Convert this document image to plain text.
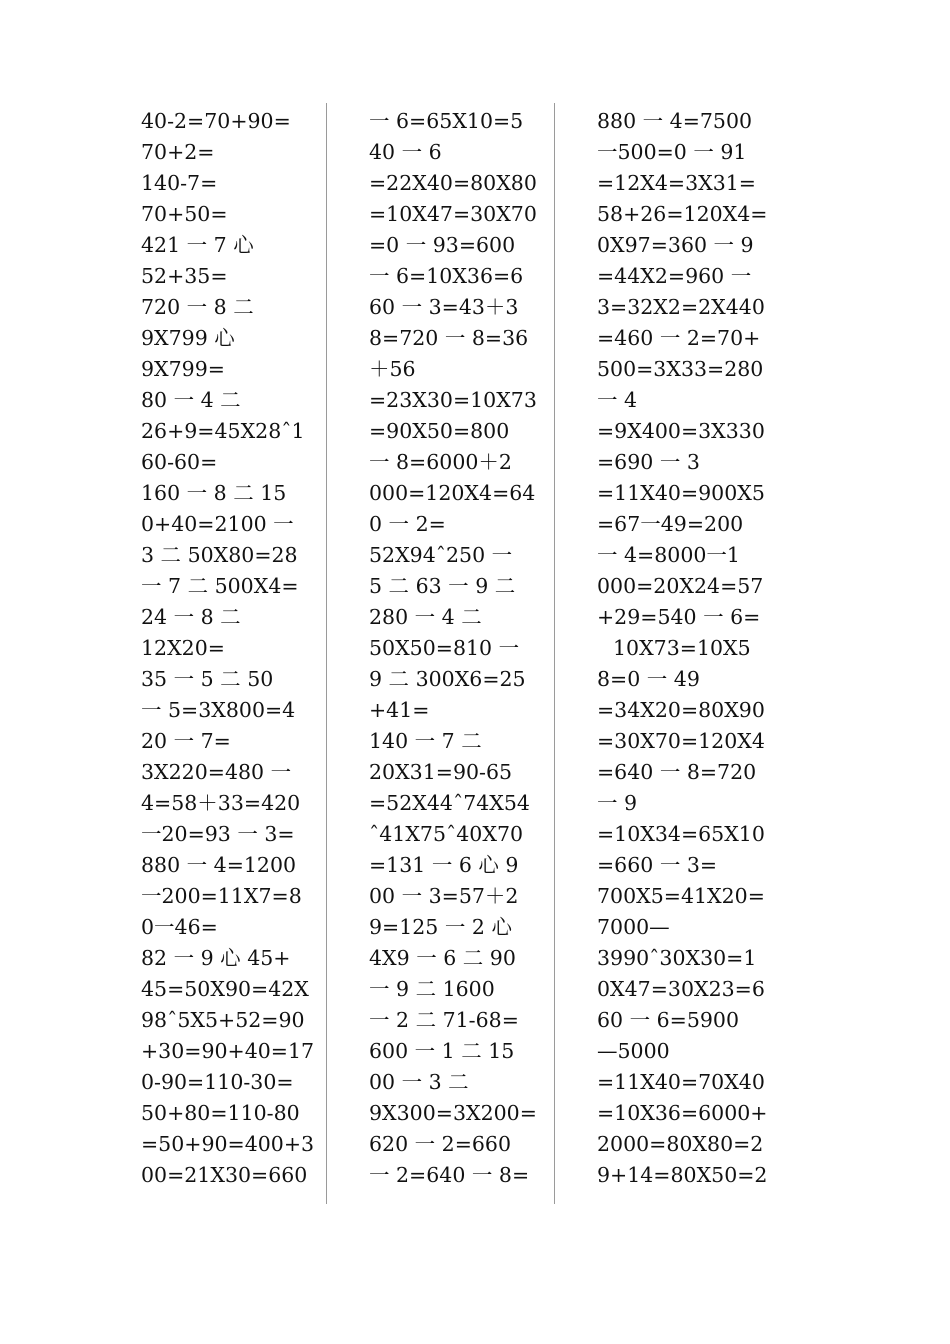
40-2=70+90=
70+2=
140-7=
70+50=
421 一 7 心
52+35=
720 一 8 二
9X799 心
9X799=
80 一 4 二
26+9=45X28ˆ1
60-60=
160 一 8 二 15
0+40=2100 一
3 二 50X80=28
一 7 二 500X4=
24 一 8 二
12X20=
35 一 5 二 50
一 5=3X800=4
20 一 7=
3X220=480 一
4=58＋33=420
一20=93 一 3=
880 一 4=1200
一200=11X7=8
0一46=
82 一 9 心 45+
45=50X90=42X
98ˆ5X5+52=90
+30=90+40=17
0-90=110-30=
50+80=110-80
=50+90=400+3
00=21X30=660
一 6=65X10=5
40 一 6
=22X40=80X80
=10X47=30X70
=0 一 93=600
一 6=10X36=6
60 一 3=43＋3
8=720 一 8=36
＋56
=23X30=10X73
=90X50=800
一 8=6000＋2
000=120X4=64
0 一 2=
52X94ˆ250 一
5 二 63 一 9 二
280 一 4 二
50X50=810 一
9 二 300X6=25
+41=
140 一 7 二
20X31=90-65
=52X44ˆ74X54
ˆ41X75ˆ40X70
=131 一 6 心 9
00 一 3=57＋2
9=125 一 2 心
4X9 一 6 二 90
一 9 二 1600
一 2 二 71-68=
600 一 1 二 15
00 一 3 二
9X300=3X200=
620 一 2=660
一 2=640 一 8=
880 一 4=7500
一500=0 一 91
=12X4=3X31=
58+26=120X4=
0X97=360 一 9
=44X2=960 一
3=32X2=2X440
=460 一 2=70+
500=3X33=280
一 4
=9X400=3X330
=690 一 3
=11X40=900X5
=67一49=200
一 4=8000一1
000=20X24=57
+29=540 一 6=
10X73=10X5
8=0 一 49
=34X20=80X90
=30X70=120X4
=640 一 8=720
一 9
=10X34=65X10
=660 一 3=
700X5=41X20=
7000—
3990ˆ30X30=1
0X47=30X23=6
60 一 6=5900
—5000
=11X40=70X40
=10X36=6000+
2000=80X80=2
9+14=80X50=2
